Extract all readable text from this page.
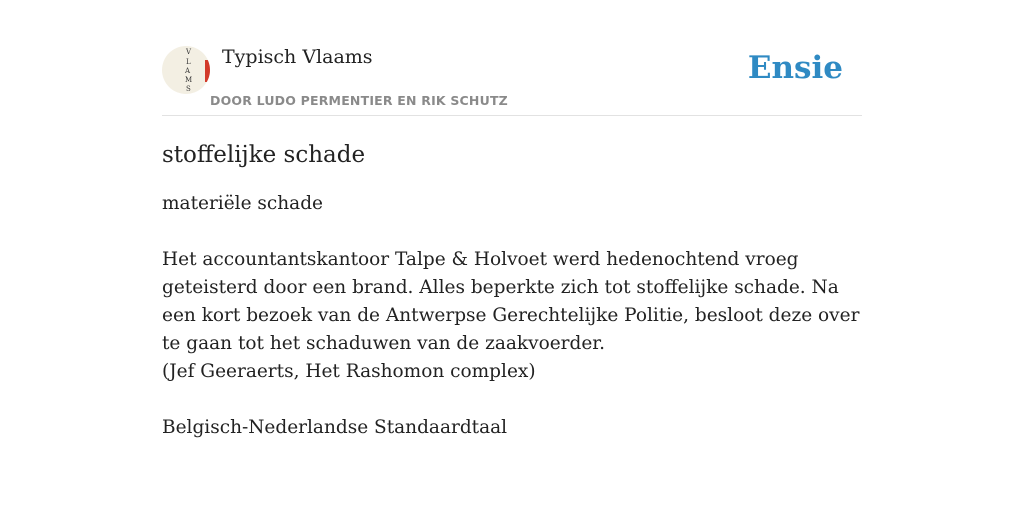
V
L
A
M
S
Typisch Vlaams
DOOR LUDO PERMENTIER EN RIK SCHUTZ
Ensie
stoffelijke schade
materiële schade
Het accountantskantoor Talpe & Holvoet werd hedenochtend vroeg geteisterd door een brand. Alles beperkte zich tot stoffelijke schade. Na een kort bezoek van de Antwerpse Gerechtelijke Politie, besloot deze over te gaan tot het schaduwen van de zaakvoerder.
(Jef Geeraerts, Het Rashomon complex)
Belgisch-Nederlandse Standaardtaal
